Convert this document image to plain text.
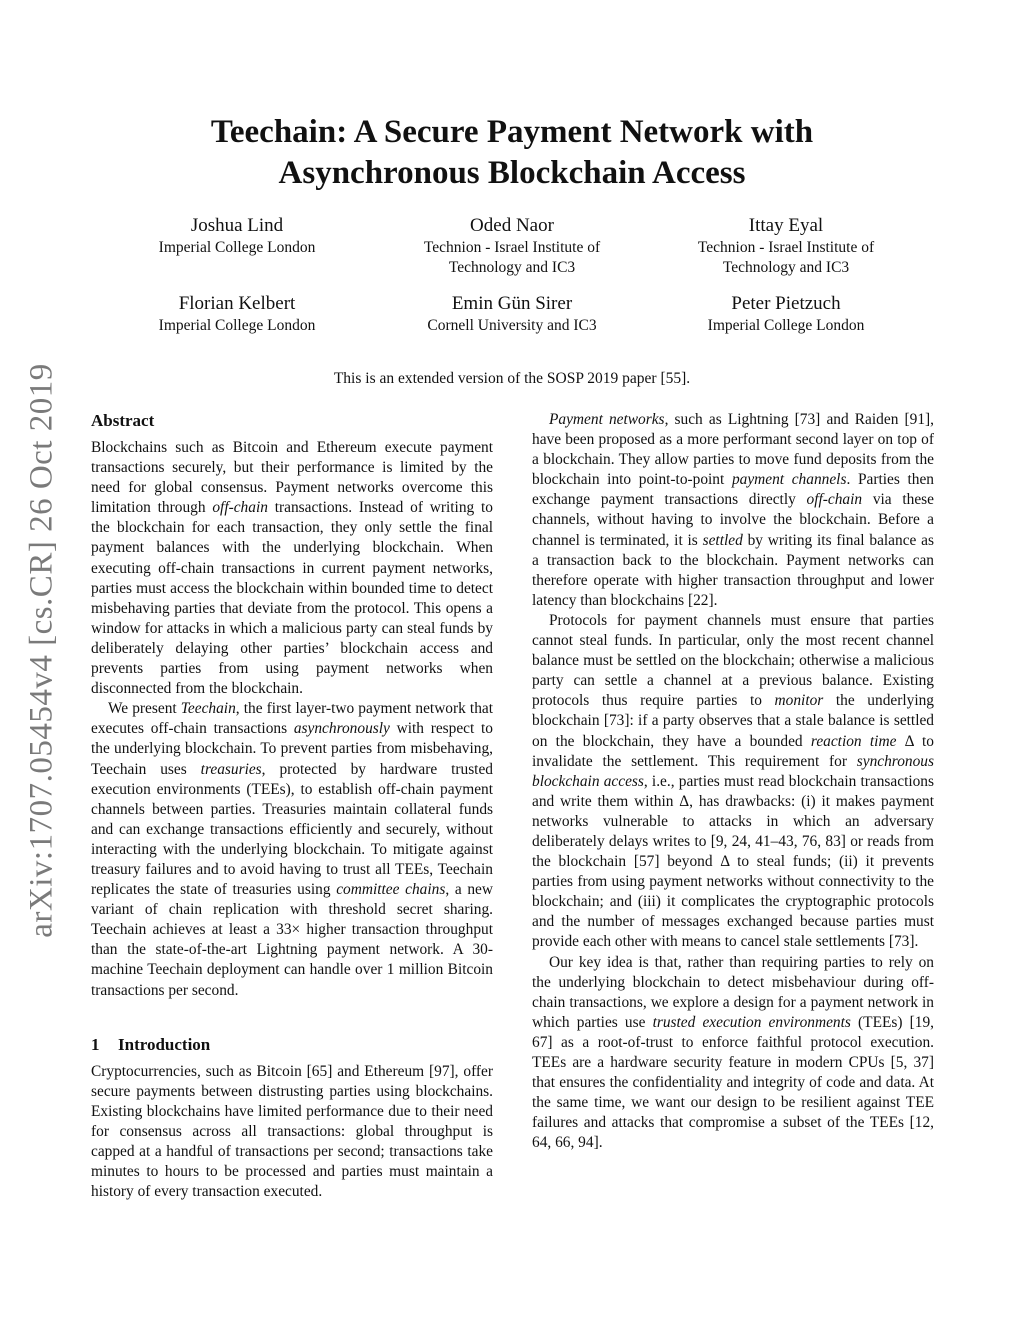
arXiv:1707.05454v4 [cs.CR] 26 Oct 2019
Teechain: A Secure Payment Network with
Asynchronous Blockchain Access
Joshua Lind
Imperial College London
Oded Naor
Technion - Israel Institute of
Technology and IC3
Ittay Eyal
Technion - Israel Institute of
Technology and IC3
Florian Kelbert
Imperial College London
Emin Gün Sirer
Cornell University and IC3
Peter Pietzuch
Imperial College London
This is an extended version of the SOSP 2019 paper [55].
Abstract

Blockchains such as Bitcoin and Ethereum execute payment transactions securely, but their performance is limited by the need for global consensus. Payment networks overcome this limitation through off-chain transactions. Instead of writing to the blockchain for each transaction, they only settle the final payment balances with the underlying blockchain. When executing off-chain transactions in current payment networks, parties must access the blockchain within bounded time to detect misbehaving parties that deviate from the protocol. This opens a window for attacks in which a malicious party can steal funds by deliberately delaying other parties’ blockchain access and prevents parties from using payment networks when disconnected from the blockchain.

We present Teechain, the first layer-two payment network that executes off-chain transactions asynchronously with respect to the underlying blockchain. To prevent parties from misbehaving, Teechain uses treasuries, protected by hardware trusted execution environments (TEEs), to establish off-chain payment channels between parties. Treasuries maintain collateral funds and can exchange transactions efficiently and securely, without interacting with the underlying blockchain. To mitigate against treasury failures and to avoid having to trust all TEEs, Teechain replicates the state of treasuries using committee chains, a new variant of chain replication with threshold secret sharing. Teechain achieves at least a 33× higher transaction throughput than the state-of-the-art Lightning payment network. A 30-machine Teechain deployment can handle over 1 million Bitcoin transactions per second.

1 Introduction

Cryptocurrencies, such as Bitcoin [65] and Ethereum [97], offer secure payments between distrusting parties using blockchains. Existing blockchains have limited performance due to their need for consensus across all transactions: global throughput is capped at a handful of transactions per second; transactions take minutes to hours to be processed and parties must maintain a history of every transaction executed.

Payment networks, such as Lightning [73] and Raiden [91], have been proposed as a more performant second layer on top of a blockchain. They allow parties to move fund deposits from the blockchain into point-to-point payment channels. Parties then exchange payment transactions directly off-chain via these channels, without having to involve the blockchain. Before a channel is terminated, it is settled by writing its final balance as a transaction back to the blockchain. Payment networks can therefore operate with higher transaction throughput and lower latency than blockchains [22].

Protocols for payment channels must ensure that parties cannot steal funds. In particular, only the most recent channel balance must be settled on the blockchain; otherwise a malicious party can settle a channel at a previous balance. Existing protocols thus require parties to monitor the underlying blockchain [73]: if a party observes that a stale balance is settled on the blockchain, they have a bounded reaction time Δ to invalidate the settlement. This requirement for synchronous blockchain access, i.e., parties must read blockchain transactions and write them within Δ, has drawbacks: (i) it makes payment networks vulnerable to attacks in which an adversary deliberately delays writes to [9, 24, 41–43, 76, 83] or reads from the blockchain [57] beyond Δ to steal funds; (ii) it prevents parties from using payment networks without connectivity to the blockchain; and (iii) it complicates the cryptographic protocols and the number of messages exchanged because parties must provide each other with means to cancel stale settlements [73].

Our key idea is that, rather than requiring parties to rely on the underlying blockchain to detect misbehaviour during off-chain transactions, we explore a design for a payment network in which parties use trusted execution environments (TEEs) [19, 67] as a root-of-trust to enforce faithful protocol execution. TEEs are a hardware security feature in modern CPUs [5, 37] that ensures the confidentiality and integrity of code and data. At the same time, we want our design to be resilient against TEE failures and attacks that compromise a subset of the TEEs [12, 64, 66, 94].
